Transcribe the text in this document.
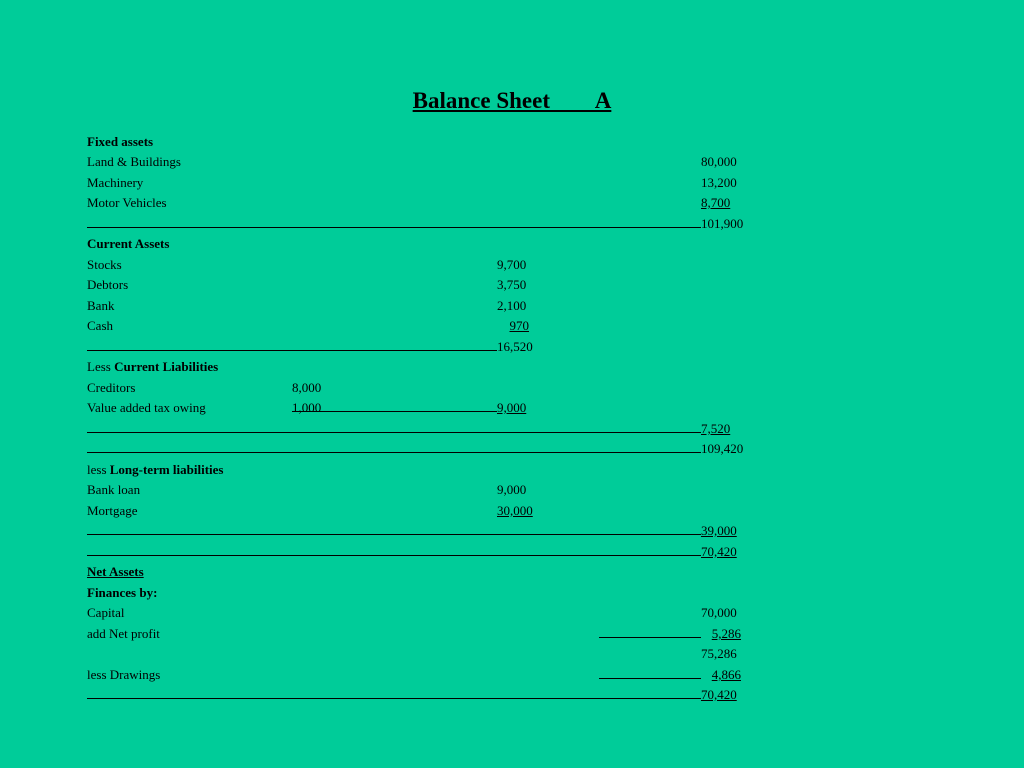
Balance Sheet        A
Fixed assets
Land & Buildings	80,000
Machinery	13,200
Motor Vehicles	8,700
101,900
Current Assets
Stocks	9,700
Debtors	3,750
Bank	2,100
Cash	970
16,520
Less Current Liabilities
Creditors	8,000
Value added tax owing	1,000	9,000
7,520
109,420
less Long-term liabilities
Bank loan	9,000
Mortgage	30,000
39,000
70,420
Net Assets
Finances by:
Capital	70,000
add Net profit	5,286
75,286
less Drawings	4,866
70,420
